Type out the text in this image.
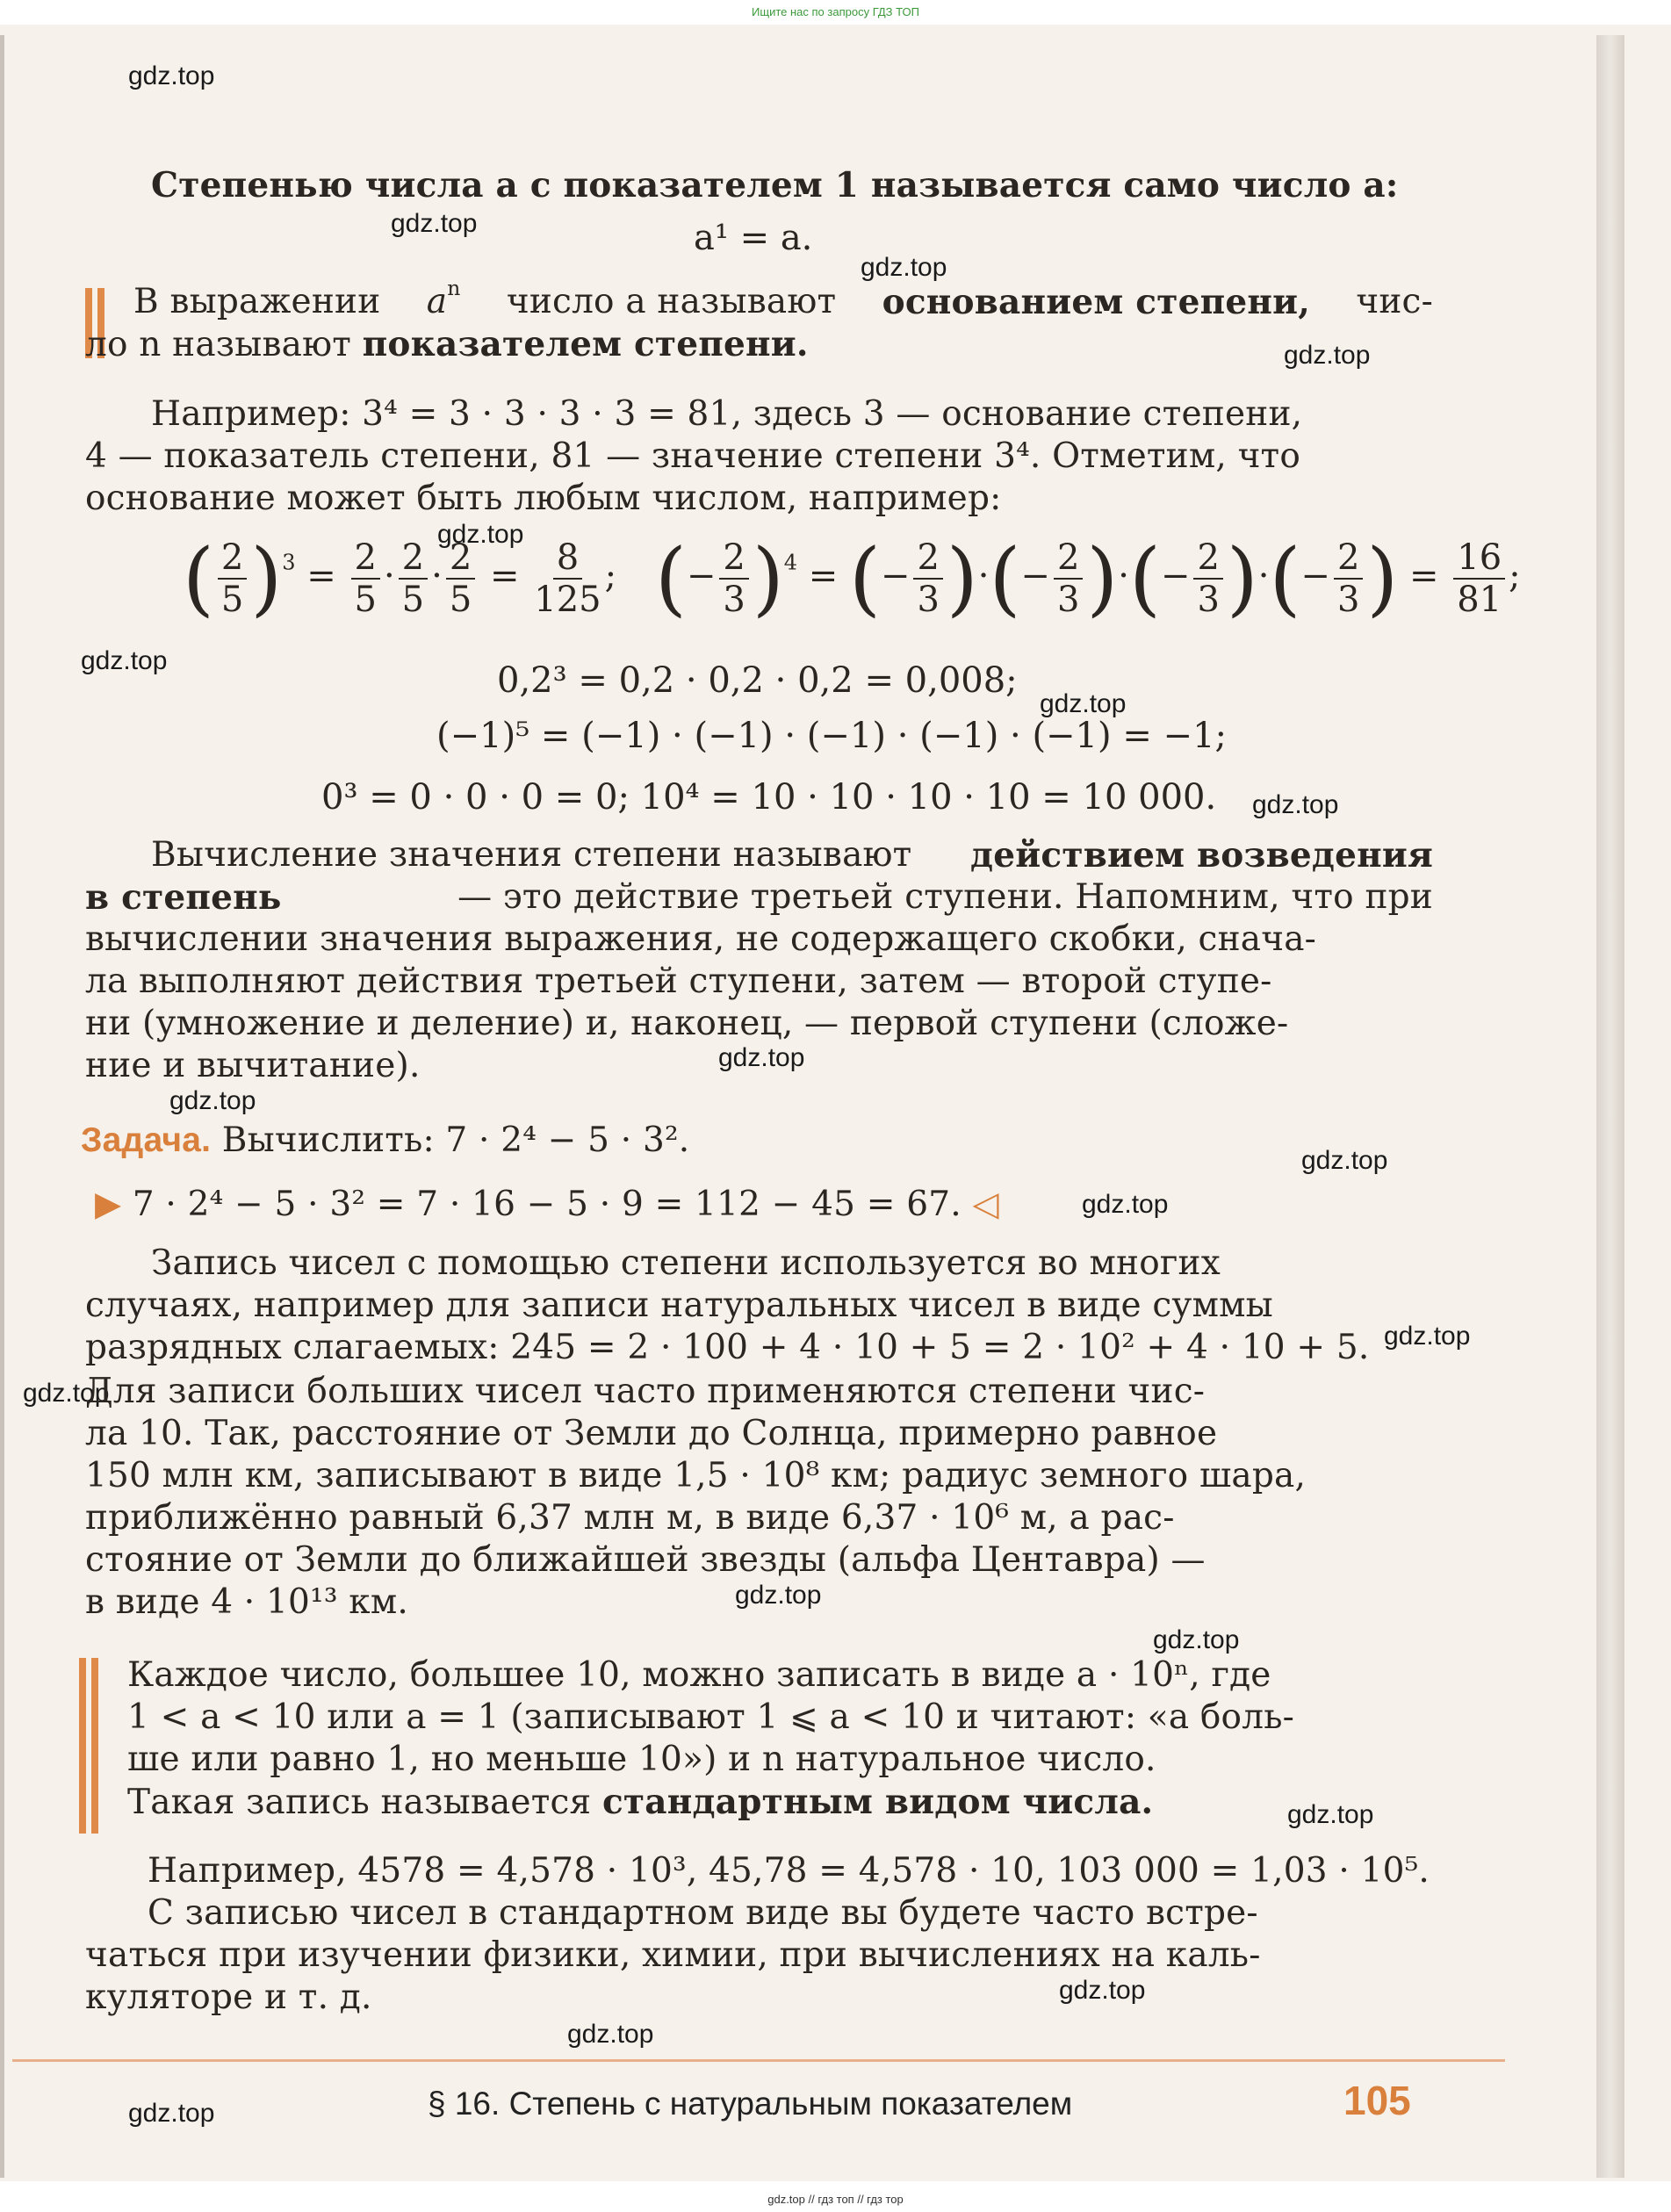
Ищите нас по запросу ГДЗ ТОП
gdz.top
gdz.top
gdz.top
gdz.top
gdz.top
gdz.top
gdz.top
gdz.top
gdz.top
gdz.top
gdz.top
gdz.top
gdz.top
gdz.top
gdz.top
gdz.top
gdz.top
gdz.top
gdz.top
gdz.top
Степенью числа a с показателем 1 называется само число a:
a¹ = a.
В выражении $a^n$ число a называют основанием степени, чис-
ло n называют показателем степени.
Например: 3⁴ = 3 · 3 · 3 · 3 = 81, здесь 3 — основание степени,
4 — показатель степени, 81 — значение степени 3⁴. Отметим, что
основание может быть любым числом, например:
( $\frac{2}{5} )^3 = \frac{2}{5} \cdot \frac{2}{5} \cdot \frac{2}{5} = \frac{8}{125}$ ; (− $\frac{2}{3} )^4$ = (− $\frac{2}{3}$ )·(− $\frac{2}{3}$ )·(− $\frac{2}{3}$ )·(− $\frac{2}{3}$ ) = $\frac{16}{81}$ ;
0,2³ = 0,2 · 0,2 · 0,2 = 0,008;
(−1)⁵ = (−1) · (−1) · (−1) · (−1) · (−1) = −1;
0³ = 0 · 0 · 0 = 0; 10⁴ = 10 · 10 · 10 · 10 = 10 000.
Вычисление значения степени называют действием возведения
в степень	— это действие третьей ступени. Напомним, что при
вычислении значения выражения, не содержащего скобки, снача-
ла выполняют действия третьей ступени, затем — второй ступе-
ни (умножение и деление) и, наконец, — первой ступени (сложе-
ние и вычитание).
Задача. Вычислить: 7 · 2⁴ − 5 · 3².
▶ 7 · 2⁴ − 5 · 3² = 7 · 16 − 5 · 9 = 112 − 45 = 67. ◁
Запись чисел с помощью степени используется во многих
случаях, например для записи натуральных чисел в виде суммы
разрядных слагаемых: 245 = 2 · 100 + 4 · 10 + 5 = 2 · 10² + 4 · 10 + 5.
Для записи больших чисел часто применяются степени чис-
ла 10. Так, расстояние от Земли до Солнца, примерно равное
150 млн км, записывают в виде 1,5 · 10⁸ км; радиус земного шара,
приближённо равный 6,37 млн м, в виде 6,37 · 10⁶ м, а рас-
стояние от Земли до ближайшей звезды (альфа Центавра) —
в виде 4 · 10¹³ км.
Каждое число, большее 10, можно записать в виде a · 10ⁿ, где
1 < a < 10 или a = 1 (записывают 1 ⩽ a < 10 и читают: «a боль-
ше или равно 1, но меньше 10») и n натуральное число.
Такая запись называется стандартным видом числа.
Например, 4578 = 4,578 · 10³, 45,78 = 4,578 · 10, 103 000 = 1,03 · 10⁵.
С записью чисел в стандартном виде вы будете часто встре-
чаться при изучении физики, химии, при вычислениях на каль-
куляторе и т. д.
§ 16. Степень с натуральным показателем	105
gdz.top // гдз топ // гдз тор
